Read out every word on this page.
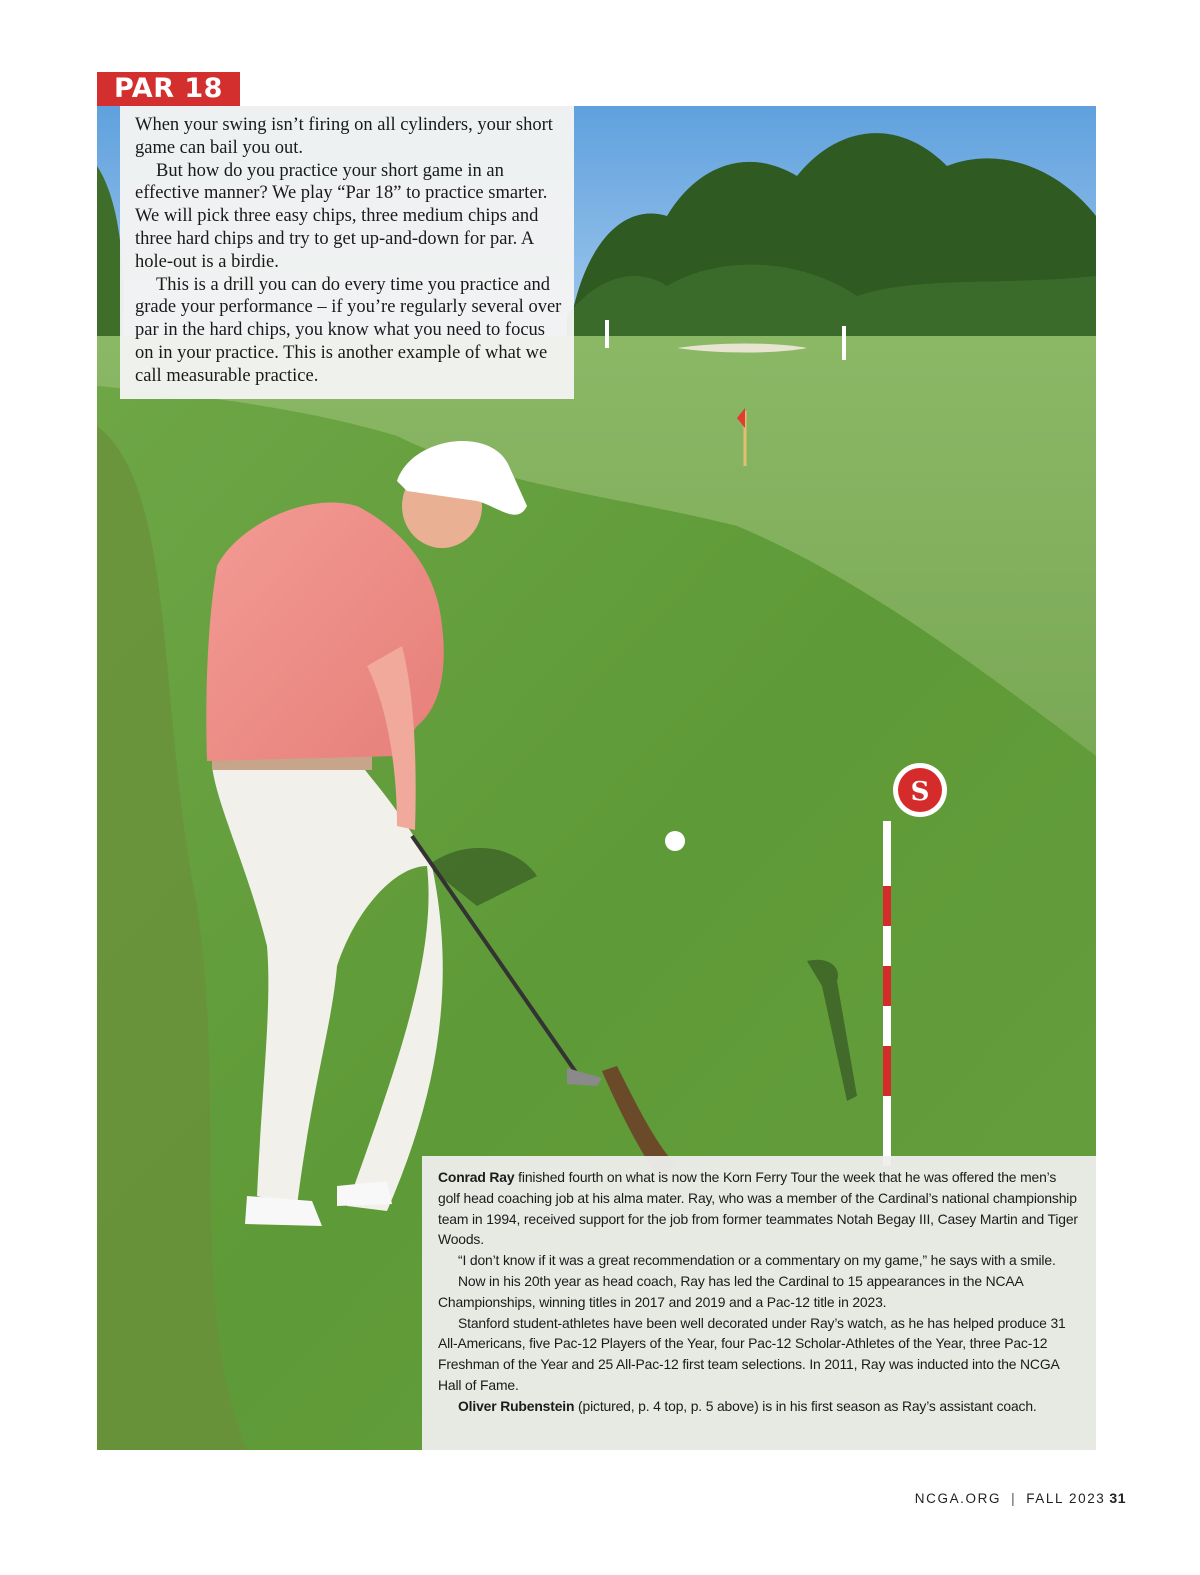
S
PAR 18

When your swing isn’t firing on all cylinders, your short game can bail you out.

But how do you practice your short game in an effective manner? We play “Par 18” to practice smarter. We will pick three easy chips, three medium chips and three hard chips and try to get up-and-down for par. A hole-out is a birdie.

This is a drill you can do every time you practice and grade your performance – if you’re regularly several over par in the hard chips, you know what you need to focus on in your practice. This is another example of what we call measurable practice.

Conrad Ray finished fourth on what is now the Korn Ferry Tour the week that he was offered the men’s golf head coaching job at his alma mater. Ray, who was a member of the Cardinal’s national championship team in 1994, received support for the job from former teammates Notah Begay III, Casey Martin and Tiger Woods.

“I don’t know if it was a great recommendation or a commentary on my game,” he says with a smile.

Now in his 20th year as head coach, Ray has led the Cardinal to 15 appearances in the NCAA Championships, winning titles in 2017 and 2019 and a Pac-12 title in 2023.

Stanford student-athletes have been well decorated under Ray’s watch, as he has helped produce 31 All-Americans, five Pac-12 Players of the Year, four Pac-12 Scholar-Athletes of the Year, three Pac-12 Freshman of the Year and 25 All-Pac-12 first team selections. In 2011, Ray was inducted into the NCGA Hall of Fame.

Oliver Rubenstein (pictured, p. 4 top, p. 5 above) is in his first season as Ray’s assistant coach.

NCGA.ORG | FALL 2023 31
